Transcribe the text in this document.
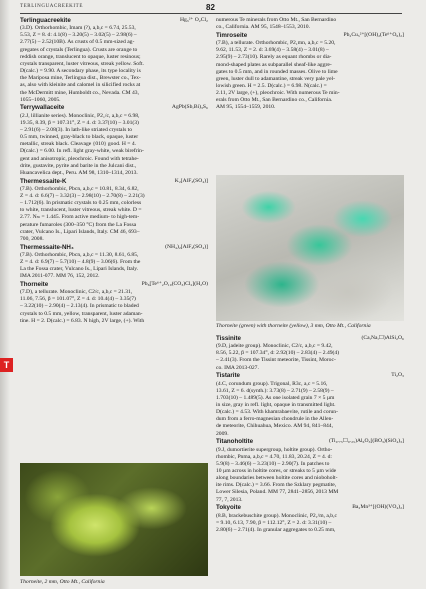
TERLINGUACREEKITE	82

Hg₃²⁺ O₂Cl₂
Terlinguacreekite
(3.D). Orthorhombic, Imam (?), a,b,c = 6.74, 25.53,
5.53, Z = 8. d: 4.1(8) – 3.20(5) – 3.02(5) – 2.98(6) –
2.77(5) – 2.52(10B). As crusts of 0.5 mm-sized ag-
gregates of crystals (Terlingua). Crusts are orange to
reddish orange, translucent to opaque, luster resinous;
crystals transparent, luster vitreous, streak yellow. Soft.
D(calc.) = 9.90. A secondary phase, its type locality is
the Mariposa mine, Terlingua dist., Brewster co., Tex-
as, also with kleinite and calomel in silicified rocks at
the McDermitt mine, Humboldt co., Nevada. CM 43,
1055–1060, 2005.

AgPb(Sb,Bi)₃S₆
Terrywallaceite
(2.J, lillianite series). Monoclinic, P2₁/c, a,b,c = 6.98,
19.35, 8.39, β = 107.31°, Z = 4. d: 3.37(10) – 3.01(3)
– 2.91(6) – 2.08(3). In lath-like striated crystals to
0.5 mm, twinned, gray-black to black, opaque, luster
metallic, streak black. Cleavage {010} good. H = 4.
D(calc.) = 6.00. In refl. light gray-white, weak birefrin-
gent and anisotropic, pleochroic. Found with tetrahe-
drite, gustavite, pyrite and barite in the Julcani dist.,
Huancavelica dept., Peru. AM 98, 1310–1314, 2013.

K₂[AlF₃(SO₄)]
Thermessaite-K
(7.B). Orthorhombic, Pbcn, a,b,c = 10.81, 8.34, 6.82,
Z = 4. d: 6.6(7) – 3.32(3) – 2.98(10) – 2.70(8) – 2.21(3)
– 1.712(6). In prismatic crystals to 0.25 mm, colorless
to white, translucent, luster vitreous, streak white. D =
2.77. Nₘ = 1.445. From active medium- to high-tem-
perature fumaroles (300–350 °C) from the La Fossa
crater, Vulcano Is., Lipari Islands, Italy. CM 46, 693–
700, 2008.

(NH₄)₂[AlF₃(SO₄)]
Thermessaite-NH₄
(7.B). Orthorhombic, Pbcn, a,b,c = 11.30, 8.61, 6.85,
Z = 4. d: 6.9(7) – 5.7(10) – 4.8(9) – 3.06(6). From the
La the Fossa crater, Vulcano Is., Lipari Islands, Italy.
IMA 2011-077. MM 76, 152, 2012.

Pb₆[Te⁶⁺₂O₁₀(CO₃)Cl₂](H₂O)
Thorneite
(7.D), a tellurate. Monoclinic, C2/c, a,b,c = 21.31,
11.06, 7.56, β = 101.07°, Z = 4. d: 10.4(4) – 3.35(7)
– 3.22(10) – 2.90(4) – 2.13(4). In prismatic to bladed
crystals to 0.5 mm, yellow, transparent, luster adaman-
tine. H = 2. D(calc.) = 6.83. N high, 2V large, (+). With

numerous Te minerals from Otto Mt., San Bernardino
co., California. AM 95, 1548–1553, 2010.

Pb₂Cu₅²⁺[(OH)₂(Te⁶⁺O₆)₂]
Timroseite
(7.B), a tellurate. Orthorhombic, P2₁mn, a,b,c = 5.20,
9.62, 11.53, Z = 2. d: 3.69(4) – 3.58(4) – 3.01(8) –
2.95(9) – 2.73(10). Rarely as equant rhombs or dia-
mond-shaped plates as subparallel sheaf-like aggre-
gates to 0.5 mm, and in rounded masses. Olive to lime
green, luster dull to adamantine, streak very pale yel-
lowish green. H = 2.5. D(calc.) = 6.98. N(calc.) =
2.11, 2V large, (+), pleochroic. With numerous Te min-
erals from Otto Mt., San Bernardino co., California.
AM 95, 1554–1559, 2010.

Thorneite (green) with thorneite (yellow), 3 mm, Otto Mt., California

(Ca,Na,☐)AlSi₂O₆
Tissinite
(9.D, jadeite group). Monoclinic, C2/c, a,b,c = 9.42,
8.56, 5.22, β = 107.34°, d: 2.92(10) – 2.83(4) – 2.49(4)
– 2.41(3). From the Tissint meteorite, Tissint, Moroc-
co. IMA 2013-027.

Ti₂O₃
Tistarite
(4.C, corundum group). Trigonal, R3c, a,c = 5.16,
13.61, Z = 6. d(synth.): 3.73(8) – 2.71(9) – 2.58(9) –
1.703(10) – 1.489(5). As one isolated grain 7 × 5 µm
in size, gray in refl. light, opaque in transmitted light.
D(calc.) = 4.53. With khamrabaevite, rutile and corun-
dum from a ferro-magnesian chondrule in the Allen-
de meteorite, Chihuahua, Mexico. AM 94, 841–844,
2009.

(Ti₀.₇₅☐₀.₂₅)Al₆O₃[(BO₃)(SiO₄)₃]
Titanoholtite
(9.J, dumortierite supergroup, holtite group). Ortho-
rhombic, Pnma, a,b,c = 4.70, 11.83, 20.24, Z = 4. d:
5.9(8) – 3.46(6) – 3.23(10) – 2.90(7). In patches to
10 µm across in holtite cores, or streaks to 5 µm wide
along boundaries between holtite cores and nioboholt-
ite rims. D(calc.) = 3.66. From the Szklary pegmatite,
Lower Silesia, Poland. MM 77, 2841–2856, 2013 MM
77, 7, 2013.

Ba₂Mn³⁺[(OH)(VO₄)₂]
Tokyoite
(8.B, brackebuschite group). Monoclinic, P2₁/m, a,b,c
= 9.10, 6.13, 7.90, β = 112.12°, Z = 2. d: 3.31(10) –
2.80(6) – 2.71(4). In granular aggregates to 0.25 mm,

Thorneite, 2 mm, Otto Mt., California
T
